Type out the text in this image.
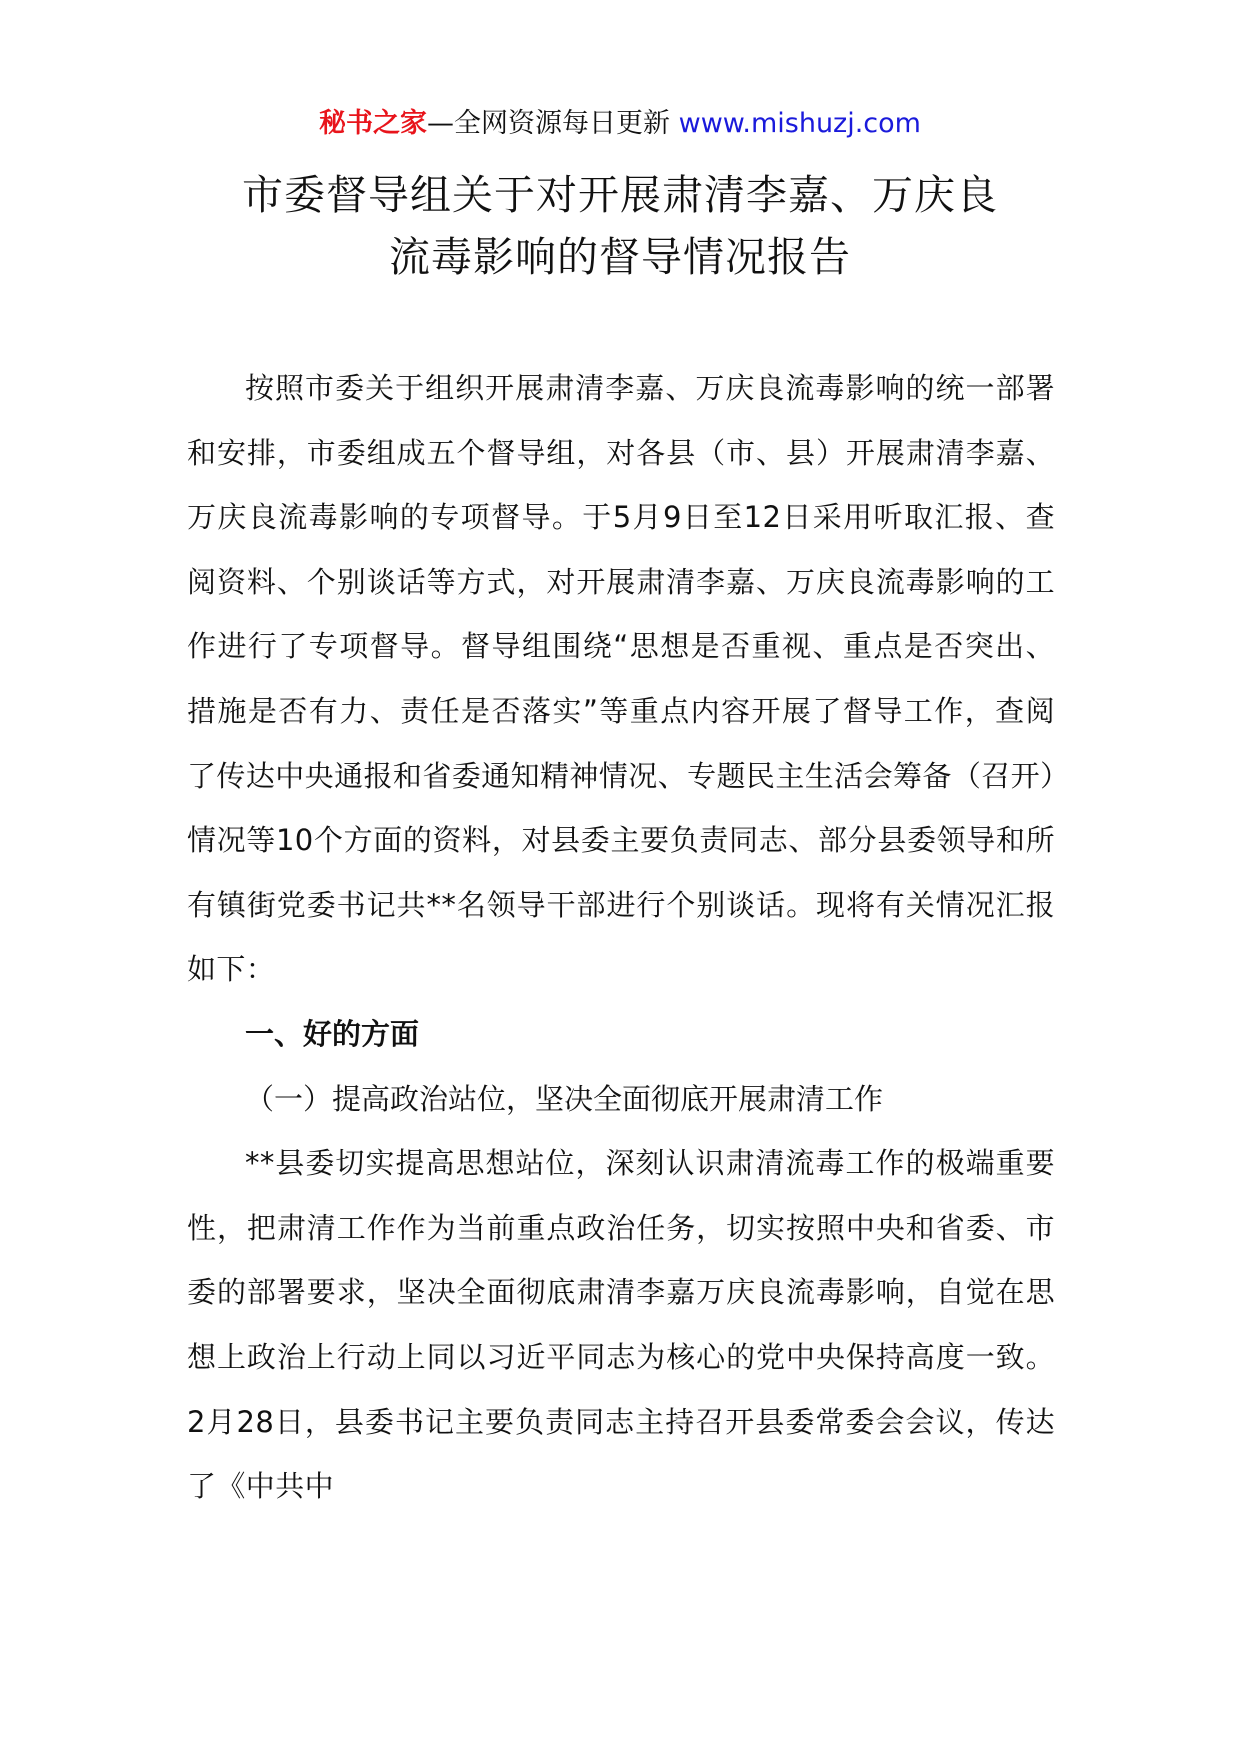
秘书之家—全网资源每日更新 www.mishuzj.com
市委督导组关于对开展肃清李嘉、万庆良
流毒影响的督导情况报告

按照市委关于组织开展肃清李嘉、万庆良流毒影响的统一部署和安排，市委组成五个督导组，对各县（市、县）开展肃清李嘉、万庆良流毒影响的专项督导。于5月9日至12日采用听取汇报、查阅资料、个别谈话等方式，对开展肃清李嘉、万庆良流毒影响的工作进行了专项督导。督导组围绕“思想是否重视、重点是否突出、措施是否有力、责任是否落实”等重点内容开展了督导工作，查阅了传达中央通报和省委通知精神情况、专题民主生活会筹备（召开）情况等10个方面的资料，对县委主要负责同志、部分县委领导和所有镇街党委书记共**名领导干部进行个别谈话。现将有关情况汇报如下：

一、好的方面
（一）提高政治站位，坚决全面彻底开展肃清工作

**县委切实提高思想站位，深刻认识肃清流毒工作的极端重要性，把肃清工作作为当前重点政治任务，切实按照中央和省委、市委的部署要求，坚决全面彻底肃清李嘉万庆良流毒影响，自觉在思想上政治上行动上同以习近平同志为核心的党中央保持高度一致。2月28日，县委书记主要负责同志主持召开县委常委会会议，传达了《中共中
